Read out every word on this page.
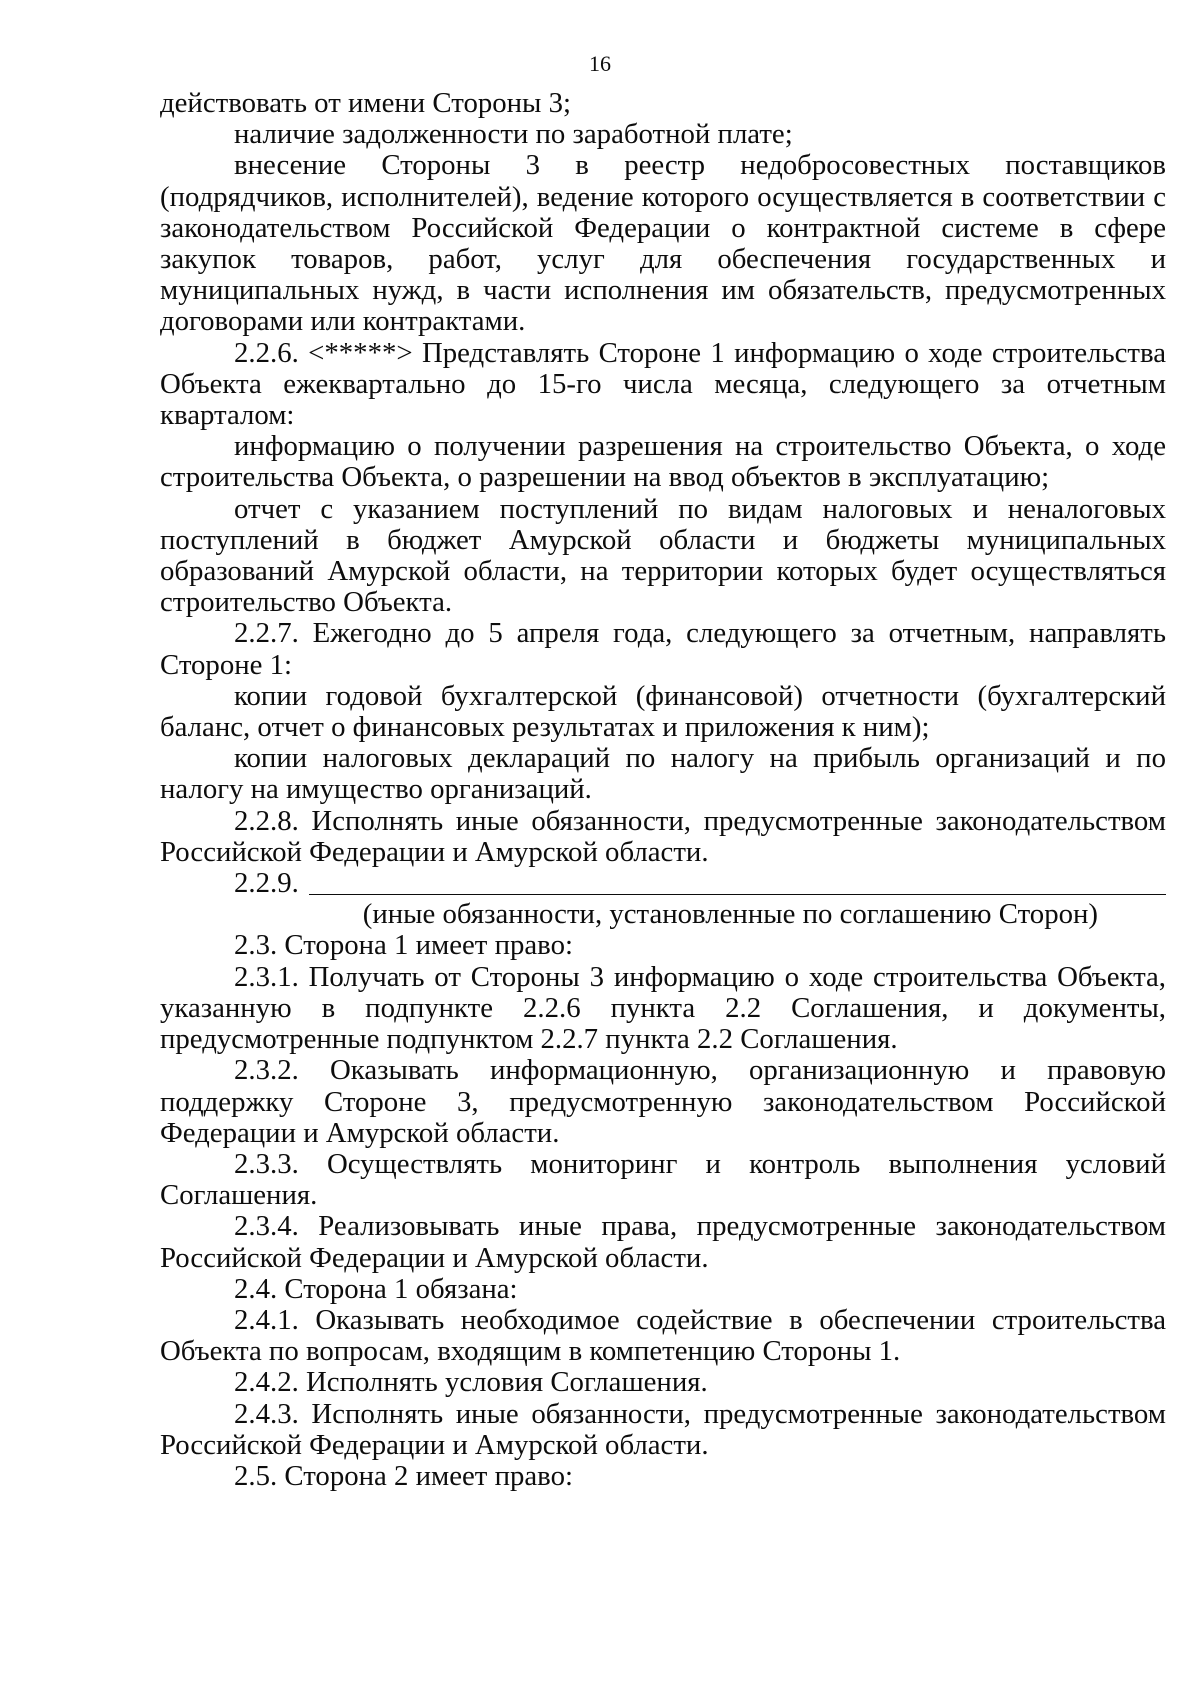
16

действовать от имени Стороны 3;

наличие задолженности по заработной плате;

внесение Стороны 3 в реестр недобросовестных поставщиков (подрядчиков, исполнителей), ведение которого осуществляется в соответствии с законодательством Российской Федерации о контрактной системе в сфере закупок товаров, работ, услуг для обеспечения государственных и муниципальных нужд, в части исполнения им обязательств, предусмотренных договорами или контрактами.

2.2.6. <*****> Представлять Стороне 1 информацию о ходе строительства Объекта ежеквартально до 15-го числа месяца, следующего за отчетным кварталом:

информацию о получении разрешения на строительство Объекта, о ходе строительства Объекта, о разрешении на ввод объектов в эксплуатацию;

отчет с указанием поступлений по видам налоговых и неналоговых поступлений в бюджет Амурской области и бюджеты муниципальных образований Амурской области, на территории которых будет осуществляться строительство Объекта.

2.2.7. Ежегодно до 5 апреля года, следующего за отчетным, направлять Стороне 1:

копии годовой бухгалтерской (финансовой) отчетности (бухгалтерский баланс, отчет о финансовых результатах и приложения к ним);

копии налоговых деклараций по налогу на прибыль организаций и по налогу на имущество организаций.

2.2.8. Исполнять иные обязанности, предусмотренные законодательством Российской Федерации и Амурской области.

2.2.9.

(иные обязанности, установленные по соглашению Сторон)

2.3. Сторона 1 имеет право:

2.3.1. Получать от Стороны 3 информацию о ходе строительства Объекта, указанную в подпункте 2.2.6 пункта 2.2 Соглашения, и документы, предусмотренные подпунктом 2.2.7 пункта 2.2 Соглашения.

2.3.2. Оказывать информационную, организационную и правовую поддержку Стороне 3, предусмотренную законодательством Российской Федерации и Амурской области.

2.3.3. Осуществлять мониторинг и контроль выполнения условий Соглашения.

2.3.4. Реализовывать иные права, предусмотренные законодательством Российской Федерации и Амурской области.

2.4. Сторона 1 обязана:

2.4.1. Оказывать необходимое содействие в обеспечении строительства Объекта по вопросам, входящим в компетенцию Стороны 1.

2.4.2. Исполнять условия Соглашения.

2.4.3. Исполнять иные обязанности, предусмотренные законодательством Российской Федерации и Амурской области.

2.5. Сторона 2 имеет право:
